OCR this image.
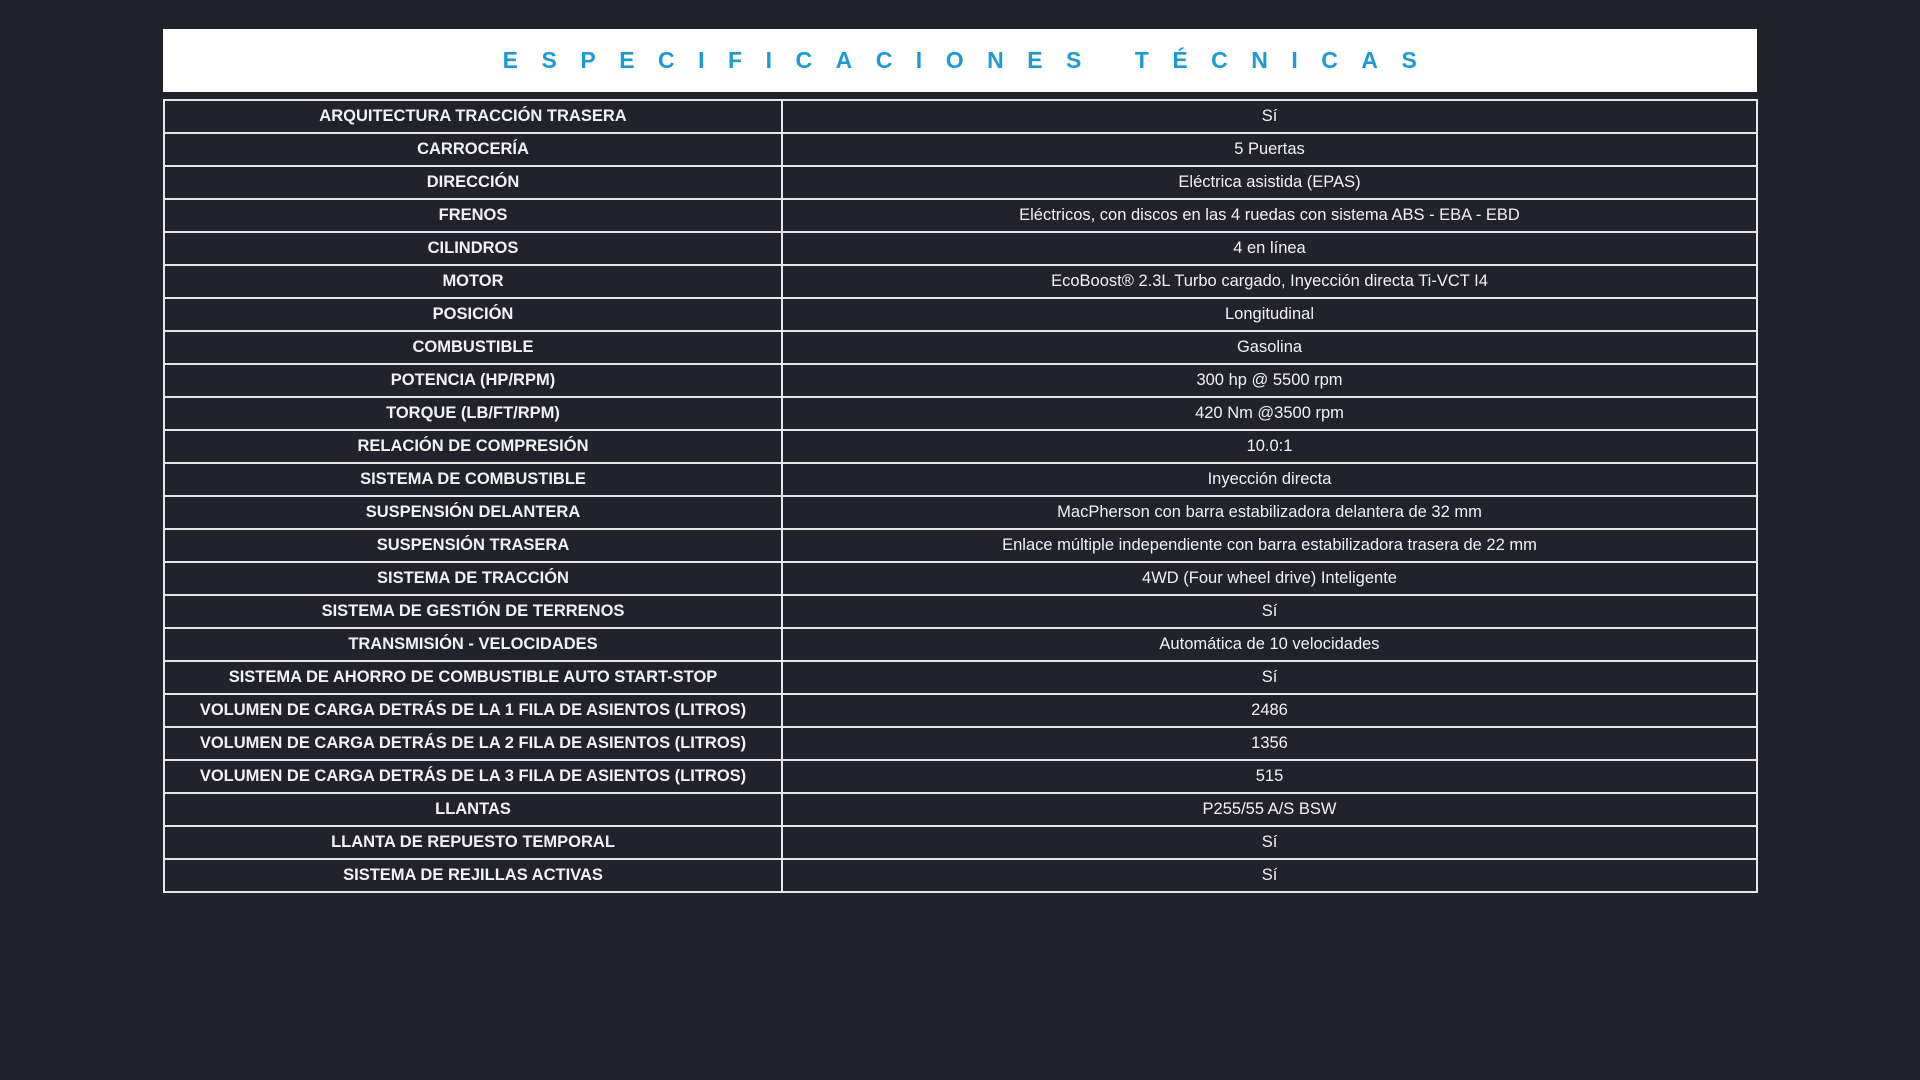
ESPECIFICACIONES TÉCNICAS
ARQUITECTURA TRACCIÓN TRASERA	Sí
CARROCERÍA	5 Puertas
DIRECCIÓN	Eléctrica asistida (EPAS)
FRENOS	Eléctricos, con discos en las 4 ruedas con sistema ABS - EBA - EBD
CILINDROS	4 en línea
MOTOR	EcoBoost® 2.3L Turbo cargado, Inyección directa Ti-VCT I4
POSICIÓN	Longitudinal
COMBUSTIBLE	Gasolina
POTENCIA (HP/RPM)	300 hp @ 5500 rpm
TORQUE (LB/FT/RPM)	420 Nm @3500 rpm
RELACIÓN DE COMPRESIÓN	10.0:1
SISTEMA DE COMBUSTIBLE	Inyección directa
SUSPENSIÓN DELANTERA	MacPherson con barra estabilizadora delantera de 32 mm
SUSPENSIÓN TRASERA	Enlace múltiple independiente con barra estabilizadora trasera de 22 mm
SISTEMA DE TRACCIÓN	4WD (Four wheel drive) Inteligente
SISTEMA DE GESTIÓN DE TERRENOS	Sí
TRANSMISIÓN - VELOCIDADES	Automática de 10 velocidades
SISTEMA DE AHORRO DE COMBUSTIBLE AUTO START-STOP	Sí
VOLUMEN DE CARGA DETRÁS DE LA 1 FILA DE ASIENTOS (LITROS)	2486
VOLUMEN DE CARGA DETRÁS DE LA 2 FILA DE ASIENTOS (LITROS)	1356
VOLUMEN DE CARGA DETRÁS DE LA 3 FILA DE ASIENTOS (LITROS)	515
LLANTAS	P255/55 A/S BSW
LLANTA DE REPUESTO TEMPORAL	Sí
SISTEMA DE REJILLAS ACTIVAS	Sí
